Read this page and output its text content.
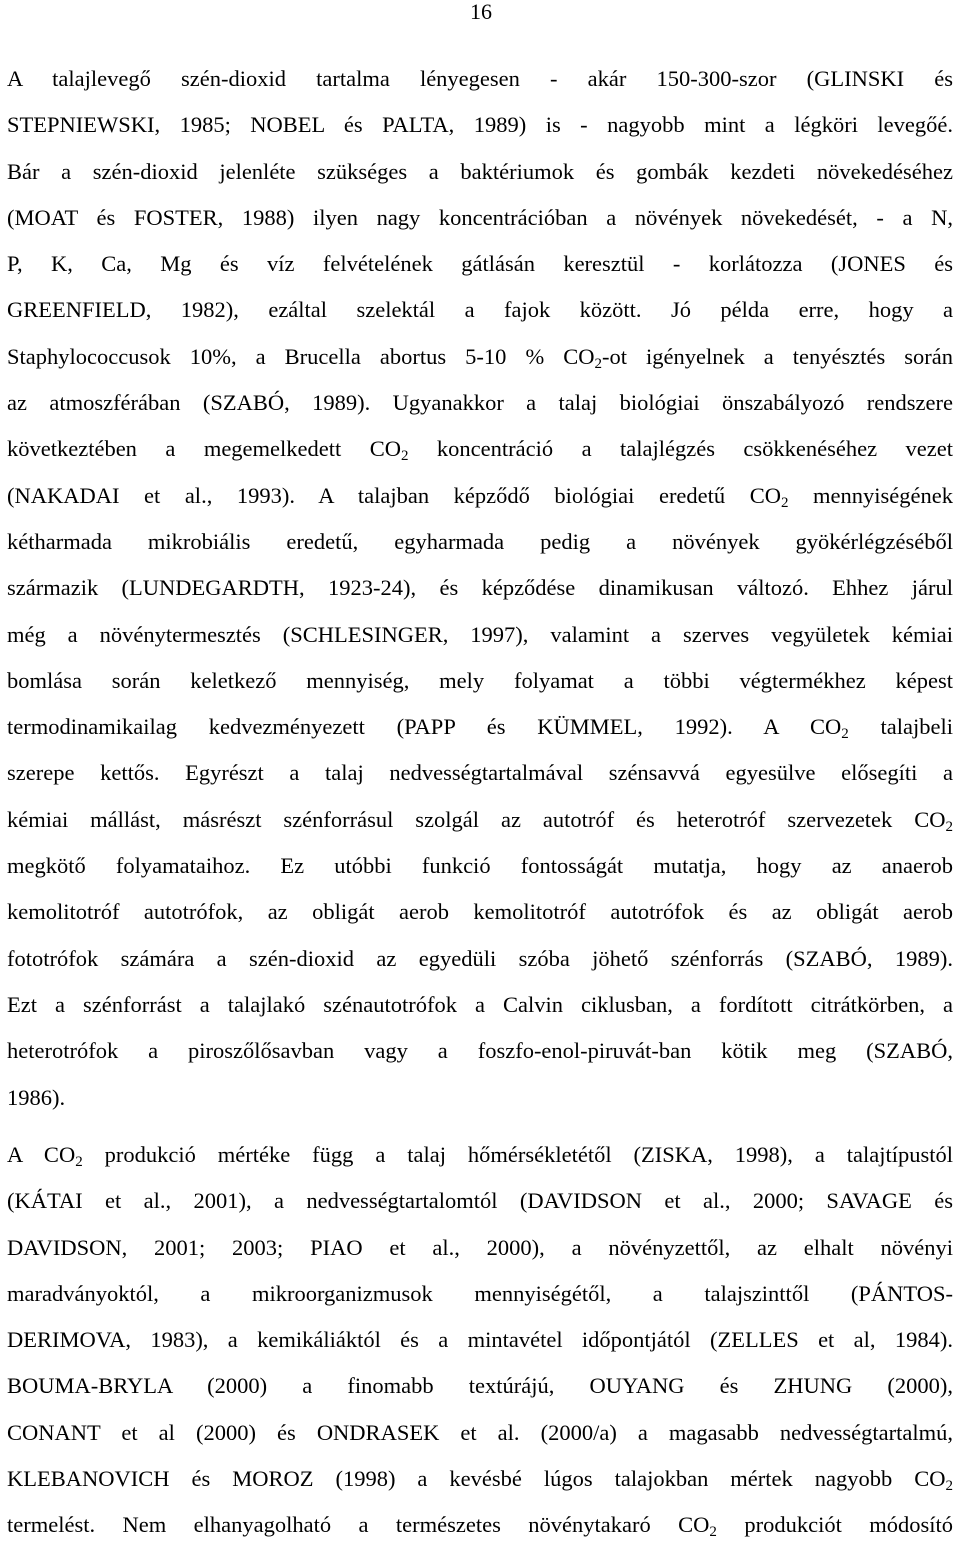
16
A talajlevegő szén-dioxid tartalma lényegesen - akár 150-300-szor (GLINSKI és
STEPNIEWSKI, 1985; NOBEL és PALTA, 1989) is - nagyobb mint a légköri levegőé.
Bár a szén-dioxid jelenléte szükséges a baktériumok és gombák kezdeti növekedéséhez
(MOAT és FOSTER, 1988) ilyen nagy koncentrációban a növények növekedését, - a N,
P, K, Ca, Mg és víz felvételének gátlásán keresztül - korlátozza (JONES és
GREENFIELD, 1982), ezáltal szelektál a fajok között. Jó példa erre, hogy a
Staphylococcusok 10%, a Brucella abortus 5-10 % $CO_2-ot$ igényelnek a tenyésztés során
az atmoszférában (SZABÓ, 1989). Ugyanakkor a talaj biológiai önszabályozó rendszere
következtében a megemelkedett $CO_2$ koncentráció a talajlégzés csökkenéséhez vezet
(NAKADAI et al., 1993). A talajban képződő biológiai eredetű $CO_2$ mennyiségének
kétharmada mikrobiális eredetű, egyharmada pedig a növények gyökérlégzéséből
származik (LUNDEGARDTH, 1923-24), és képződése dinamikusan változó. Ehhez járul
még a növénytermesztés (SCHLESINGER, 1997), valamint a szerves vegyületek kémiai
bomlása során keletkező mennyiség, mely folyamat a többi végtermékhez képest
termodinamikailag kedvezményezett (PAPP és KÜMMEL, 1992). A $CO_2$ talajbeli
szerepe kettős. Egyrészt a talaj nedvességtartalmával szénsavvá egyesülve elősegíti a
kémiai mállást, másrészt szénforrásul szolgál az autotróf és heterotróf szervezetek $CO_2$
megkötő folyamataihoz. Ez utóbbi funkció fontosságát mutatja, hogy az anaerob
kemolitotróf autotrófok, az obligát aerob kemolitotróf autotrófok és az obligát aerob
fototrófok számára a szén-dioxid az egyedüli szóba jöhető szénforrás (SZABÓ, 1989).
Ezt a szénforrást a talajlakó szénautotrófok a Calvin ciklusban, a fordított citrátkörben, a
heterotrófok a piroszőlősavban vagy a foszfo-enol-piruvát-ban kötik meg (SZABÓ,
1986).
A $CO_2$ produkció mértéke függ a talaj hőmérsékletétől (ZISKA, 1998), a talajtípustól
(KÁTAI et al., 2001), a nedvességtartalomtól (DAVIDSON et al., 2000; SAVAGE és
DAVIDSON, 2001; 2003; PIAO et al., 2000), a növényzettől, az elhalt növényi
maradványoktól, a mikroorganizmusok mennyiségétől, a talajszinttől (PÁNTOS-
DERIMOVA, 1983), a kemikáliáktól és a mintavétel időpontjától (ZELLES et al, 1984).
BOUMA-BRYLA (2000) a finomabb textúrájú, OUYANG és ZHUNG (2000),
CONANT et al (2000) és ONDRASEK et al. (2000/a) a magasabb nedvességtartalmú,
KLEBANOVICH és MOROZ (1998) a kevésbé lúgos talajokban mértek nagyobb $CO_2$
termelést. Nem elhanyagolható a természetes növénytakaró $CO_2$ produkciót módosító
